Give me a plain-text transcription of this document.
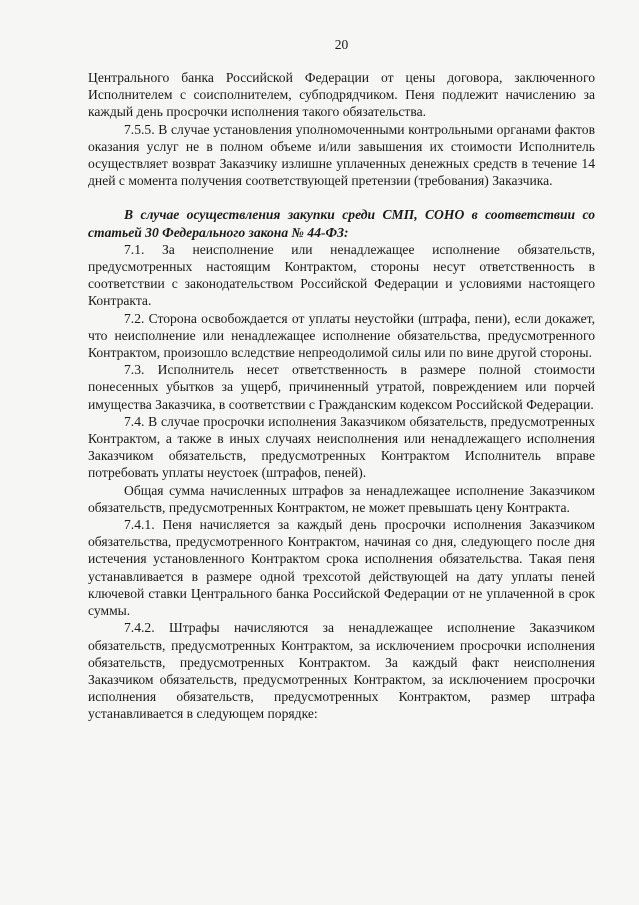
20

Центрального банка Российской Федерации от цены договора, заключенного Исполнителем с соисполнителем, субподрядчиком. Пеня подлежит начислению за каждый день просрочки исполнения такого обязательства.

7.5.5. В случае установления уполномоченными контрольными органами фактов оказания услуг не в полном объеме и/или завышения их стоимости Исполнитель осуществляет возврат Заказчику излишне уплаченных денежных средств в течение 14 дней с момента получения соответствующей претензии (требования) Заказчика.

В случае осуществления закупки среди СМП, СОНО в соответствии со статьей 30 Федерального закона № 44-ФЗ:

7.1. За неисполнение или ненадлежащее исполнение обязательств, предусмотренных настоящим Контрактом, стороны несут ответственность в соответствии с законодательством Российской Федерации и условиями настоящего Контракта.

7.2. Сторона освобождается от уплаты неустойки (штрафа, пени), если докажет, что неисполнение или ненадлежащее исполнение обязательства, предусмотренного Контрактом, произошло вследствие непреодолимой силы или по вине другой стороны.

7.3. Исполнитель несет ответственность в размере полной стоимости понесенных убытков за ущерб, причиненный утратой, повреждением или порчей имущества Заказчика, в соответствии с Гражданским кодексом Российской Федерации.

7.4. В случае просрочки исполнения Заказчиком обязательств, предусмотренных Контрактом, а также в иных случаях неисполнения или ненадлежащего исполнения Заказчиком обязательств, предусмотренных Контрактом Исполнитель вправе потребовать уплаты неустоек (штрафов, пеней).

Общая сумма начисленных штрафов за ненадлежащее исполнение Заказчиком обязательств, предусмотренных Контрактом, не может превышать цену Контракта.

7.4.1. Пеня начисляется за каждый день просрочки исполнения Заказчиком обязательства, предусмотренного Контрактом, начиная со дня, следующего после дня истечения установленного Контрактом срока исполнения обязательства. Такая пеня устанавливается в размере одной трехсотой действующей на дату уплаты пеней ключевой ставки Центрального банка Российской Федерации от не уплаченной в срок суммы.

7.4.2. Штрафы начисляются за ненадлежащее исполнение Заказчиком обязательств, предусмотренных Контрактом, за исключением просрочки исполнения обязательств, предусмотренных Контрактом. За каждый факт неисполнения Заказчиком обязательств, предусмотренных Контрактом, за исключением просрочки исполнения обязательств, предусмотренных Контрактом, размер штрафа устанавливается в следующем порядке:
